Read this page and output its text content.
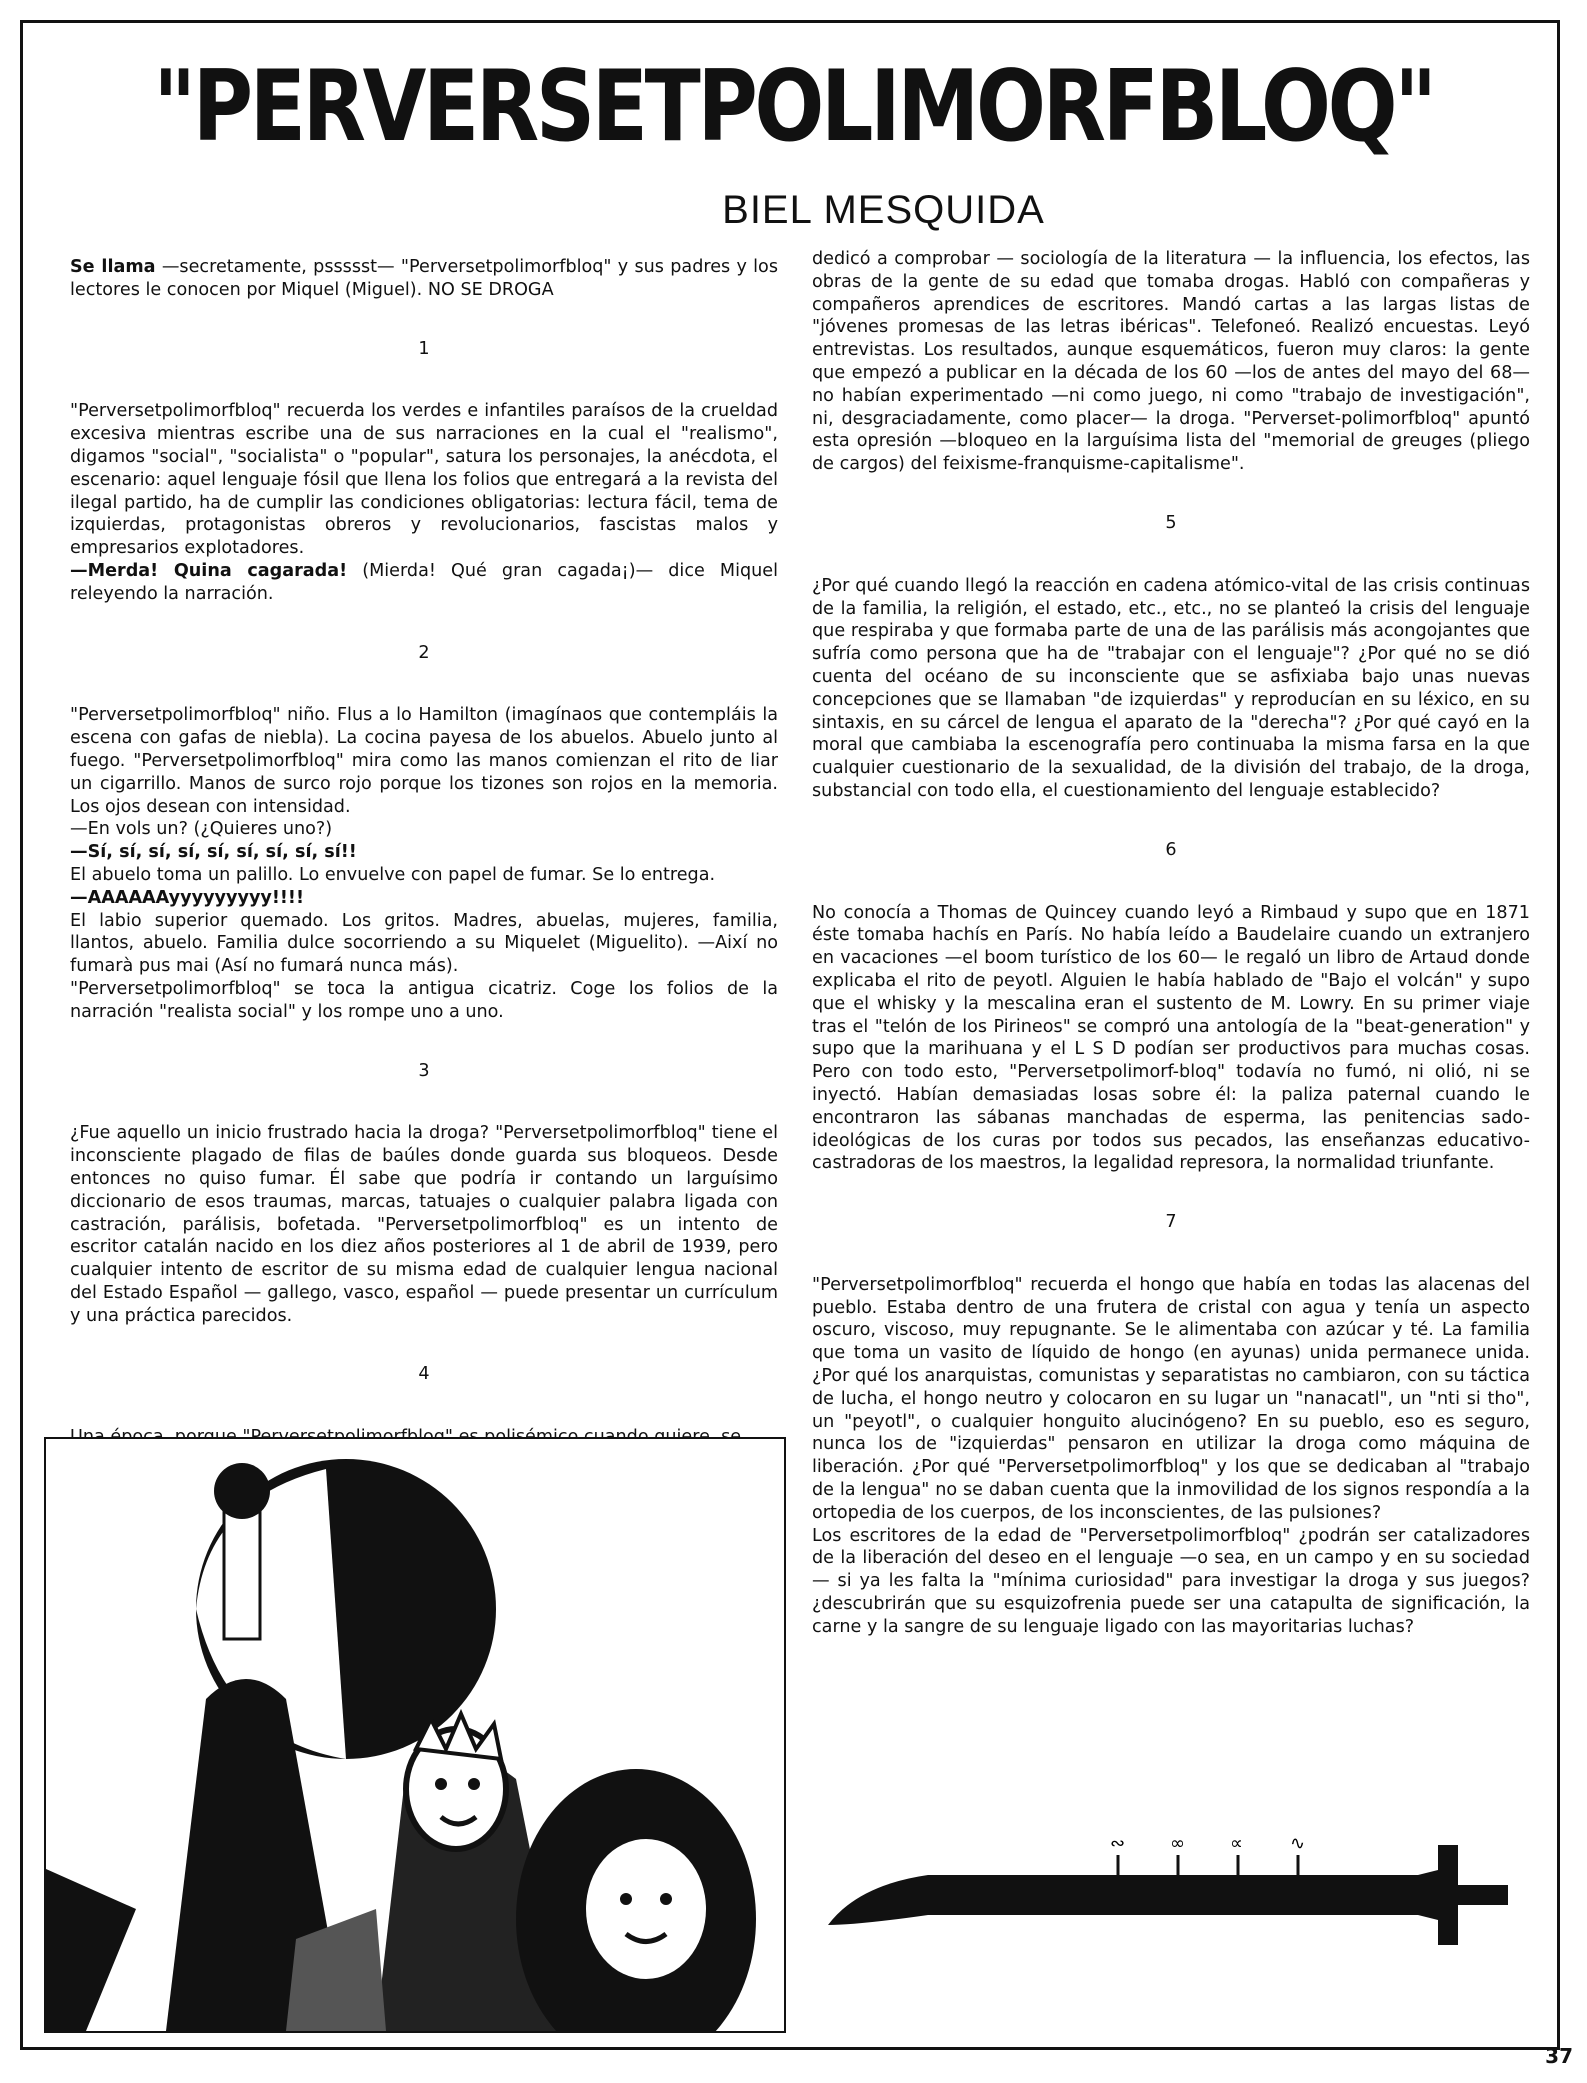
"PERVERSETPOLIMORFBLOQ"
BIEL MESQUIDA

Se llama —secretamente, pssssst— "Perversetpolimorfbloq" y sus padres y los lectores le conocen por Miquel (Miguel). NO SE DROGA

1

"Perversetpolimorfbloq" recuerda los verdes e infantiles paraísos de la crueldad excesiva mientras escribe una de sus narraciones en la cual el "realismo", digamos "social", "socialista" o "popular", satura los personajes, la anécdota, el escenario: aquel lenguaje fósil que llena los folios que entregará a la revista del ilegal partido, ha de cumplir las condiciones obligatorias: lectura fácil, tema de izquierdas, protagonistas obreros y revolucionarios, fascistas malos y empresarios explotadores.

—Merda! Quina cagarada! (Mierda! Qué gran cagada¡)— dice Miquel releyendo la narración.

2

"Perversetpolimorfbloq" niño. Flus a lo Hamilton (imagínaos que contempláis la escena con gafas de niebla). La cocina payesa de los abuelos. Abuelo junto al fuego. "Perversetpolimorfbloq" mira como las manos comienzan el rito de liar un cigarrillo. Manos de surco rojo porque los tizones son rojos en la memoria. Los ojos desean con intensidad.

—En vols un? (¿Quieres uno?)

—Sí, sí, sí, sí, sí, sí, sí, sí, sí!!

El abuelo toma un palillo. Lo envuelve con papel de fumar. Se lo entrega.

—AAAAAAyyyyyyyyy!!!!

El labio superior quemado. Los gritos. Madres, abuelas, mujeres, familia, llantos, abuelo. Familia dulce socorriendo a su Miquelet (Miguelito). —Així no fumarà pus mai (Así no fumará nunca más).

"Perversetpolimorfbloq" se toca la antigua cicatriz. Coge los folios de la narración "realista social" y los rompe uno a uno.

3

¿Fue aquello un inicio frustrado hacia la droga? "Perversetpolimorfbloq" tiene el inconsciente plagado de filas de baúles donde guarda sus bloqueos. Desde entonces no quiso fumar. Él sabe que podría ir contando un larguísimo diccionario de esos traumas, marcas, tatuajes o cualquier palabra ligada con castración, parálisis, bofetada. "Perversetpolimorfbloq" es un intento de escritor catalán nacido en los diez años posteriores al 1 de abril de 1939, pero cualquier intento de escritor de su misma edad de cualquier lengua nacional del Estado Español — gallego, vasco, español — puede presentar un currículum y una práctica parecidos.

4

dedicó a comprobar — sociología de la literatura — la influencia, los efectos, las obras de la gente de su edad que tomaba drogas. Habló con compañeras y compañeros aprendices de escritores. Mandó cartas a las largas listas de "jóvenes promesas de las letras ibéricas". Telefoneó. Realizó encuestas. Leyó entrevistas. Los resultados, aunque esquemáticos, fueron muy claros: la gente que empezó a publicar en la década de los 60 —los de antes del mayo del 68— no habían experimentado —ni como juego, ni como "trabajo de investigación", ni, desgraciadamente, como placer— la droga. "Perverset-polimorfbloq" apuntó esta opresión —bloqueo en la larguísima lista del "memorial de greuges (pliego de cargos) del feixisme-franquisme-capitalisme".

5

¿Por qué cuando llegó la reacción en cadena atómico-vital de las crisis continuas de la familia, la religión, el estado, etc., etc., no se planteó la crisis del lenguaje que respiraba y que formaba parte de una de las parálisis más acongojantes que sufría como persona que ha de "trabajar con el lenguaje"? ¿Por qué no se dió cuenta del océano de su inconsciente que se asfixiaba bajo unas nuevas concepciones que se llamaban "de izquierdas" y reproducían en su léxico, en su sintaxis, en su cárcel de lengua el aparato de la "derecha"? ¿Por qué cayó en la moral que cambiaba la escenografía pero continuaba la misma farsa en la que cualquier cuestionario de la sexualidad, de la división del trabajo, de la droga, substancial con todo ella, el cuestionamiento del lenguaje establecido?

6

No conocía a Thomas de Quincey cuando leyó a Rimbaud y supo que en 1871 éste tomaba hachís en París. No había leído a Baudelaire cuando un extranjero en vacaciones —el boom turístico de los 60— le regaló un libro de Artaud donde explicaba el rito de peyotl. Alguien le había hablado de "Bajo el volcán" y supo que el whisky y la mescalina eran el sustento de M. Lowry. En su primer viaje tras el "telón de los Pirineos" se compró una antología de la "beat-generation" y supo que la marihuana y el L S D podían ser productivos para muchas cosas. Pero con todo esto, "Perversetpolimorf-bloq" todavía no fumó, ni olió, ni se inyectó. Habían demasiadas losas sobre él: la paliza paternal cuando le encontraron las sábanas manchadas de esperma, las penitencias sado-ideológicas de los curas por todos sus pecados, las enseñanzas educativo-castradoras de los maestros, la legalidad represora, la normalidad triunfante.

7

"Perversetpolimorfbloq" recuerda el hongo que había en todas las alacenas del pueblo. Estaba dentro de una frutera de cristal con agua y tenía un aspecto oscuro, viscoso, muy repugnante. Se le alimentaba con azúcar y té. La familia que toma un vasito de líquido de hongo (en ayunas) unida permanece unida. ¿Por qué los anarquistas, comunistas y separatistas no cambiaron, con su táctica de lucha, el hongo neutro y colocaron en su lugar un "nanacatl", un "nti si tho", un "peyotl", o cualquier honguito alucinógeno? En su pueblo, eso es seguro, nunca los de "izquierdas" pensaron en utilizar la droga como máquina de liberación. ¿Por qué "Perversetpolimorfbloq" y los que se dedicaban al "trabajo de la lengua" no se daban cuenta que la inmovilidad de los signos respondía a la ortopedia de los cuerpos, de los inconscientes, de las pulsiones?

Los escritores de la edad de "Perversetpolimorfbloq" ¿podrán ser catalizadores de la liberación del deseo en el lenguaje —o sea, en un campo y en su sociedad— si ya les falta la "mínima curiosidad" para investigar la droga y sus juegos? ¿descubrirán que su esquizofrenia puede ser una catapulta de significación, la carne y la sangre de su lenguaje ligado con las mayoritarias luchas?

∾ ∞	∝	∿
37
